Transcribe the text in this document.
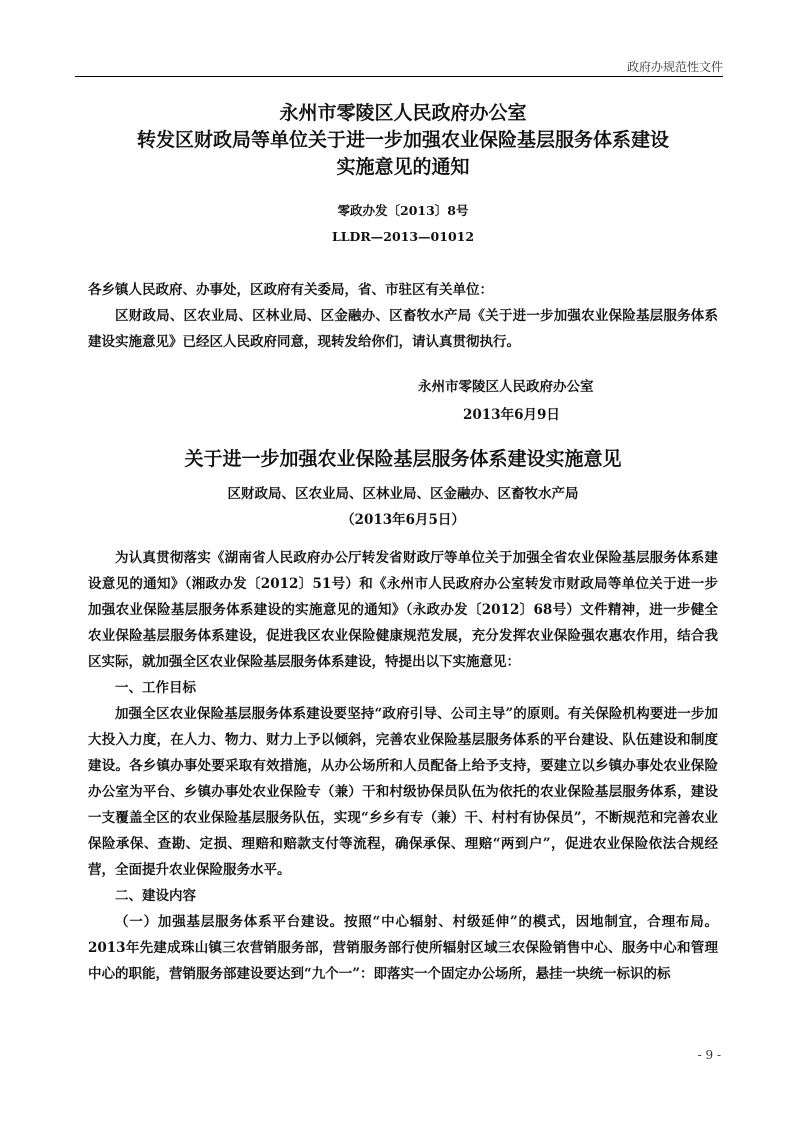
政府办规范性文件

永州市零陵区人民政府办公室

转发区财政局等单位关于进一步加强农业保险基层服务体系建设

实施意见的通知

零政办发〔2013〕8号
LLDR—2013—01012
各乡镇人民政府、办事处，区政府有关委局，省、市驻区有关单位：

区财政局、区农业局、区林业局、区金融办、区畜牧水产局《关于进一步加强农业保险基层服务体系建设实施意见》已经区人民政府同意，现转发给你们，请认真贯彻执行。

永州市零陵区人民政府办公室
2013年6月9日
关于进一步加强农业保险基层服务体系建设实施意见
区财政局、区农业局、区林业局、区金融办、区畜牧水产局
（2013年6月5日）

为认真贯彻落实《湖南省人民政府办公厅转发省财政厅等单位关于加强全省农业保险基层服务体系建设意见的通知》（湘政办发〔2012〕51号）和《永州市人民政府办公室转发市财政局等单位关于进一步加强农业保险基层服务体系建设的实施意见的通知》（永政办发〔2012〕68号）文件精神，进一步健全农业保险基层服务体系建设，促进我区农业保险健康规范发展，充分发挥农业保险强农惠农作用，结合我区实际，就加强全区农业保险基层服务体系建设，特提出以下实施意见：

一、工作目标

加强全区农业保险基层服务体系建设要坚持“政府引导、公司主导”的原则。有关保险机构要进一步加大投入力度，在人力、物力、财力上予以倾斜，完善农业保险基层服务体系的平台建设、队伍建设和制度建设。各乡镇办事处要采取有效措施，从办公场所和人员配备上给予支持，要建立以乡镇办事处农业保险办公室为平台、乡镇办事处农业保险专（兼）干和村级协保员队伍为依托的农业保险基层服务体系，建设一支覆盖全区的农业保险基层服务队伍，实现“乡乡有专（兼）干、村村有协保员”，不断规范和完善农业保险承保、查勘、定损、理赔和赔款支付等流程，确保承保、理赔“两到户”，促进农业保险依法合规经营，全面提升农业保险服务水平。

二、建设内容

（一）加强基层服务体系平台建设。按照“中心辐射、村级延伸”的模式，因地制宜，合理布局。2013年先建成珠山镇三农营销服务部，营销服务部行使所辐射区域三农保险销售中心、服务中心和管理中心的职能，营销服务部建设要达到“九个一”：即落实一个固定办公场所，悬挂一块统一标识的标

- 9 -
